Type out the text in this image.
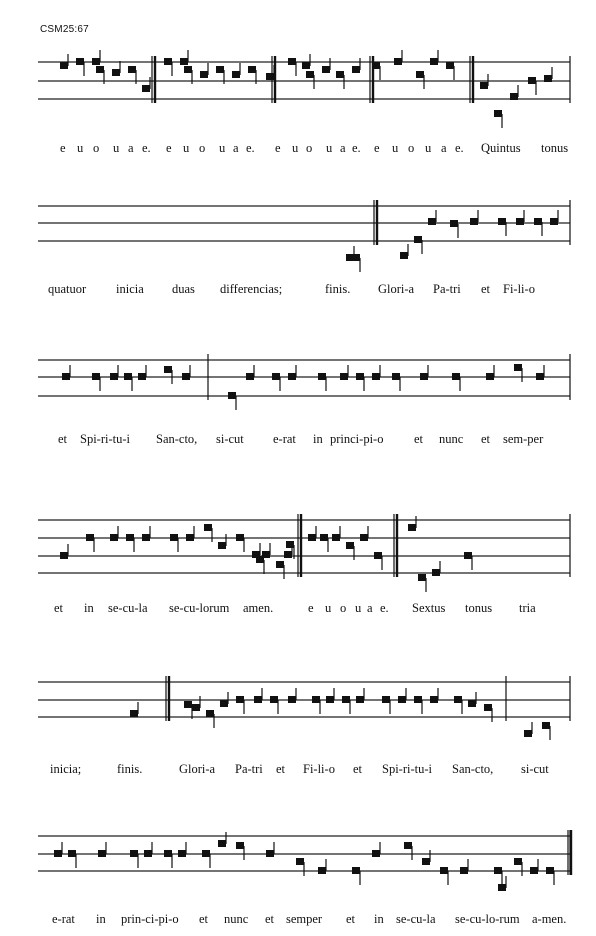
CSM25:67
e u o u a e. e u o u a e. e u o u a e. e u o u a e. Quintus tonus
quatuor inicia duas differencias;	finis. Glori-a Pa-tri et Fi-li-o
et Spi-ri-tu-i San-cto, si-cut e-rat in princi-pi-o et nunc et sem-per
et in se-cu-la se-cu-lorum amen.	e u o u a e. Sextus tonus tria
inicia;	finis.	Glori-a Pa-tri et Fi-li-o et Spi-ri-tu-i San-cto, si-cut
e-rat in prin-ci-pi-o et nunc et semper et in se-cu-la se-cu-lo-rum a-men.
